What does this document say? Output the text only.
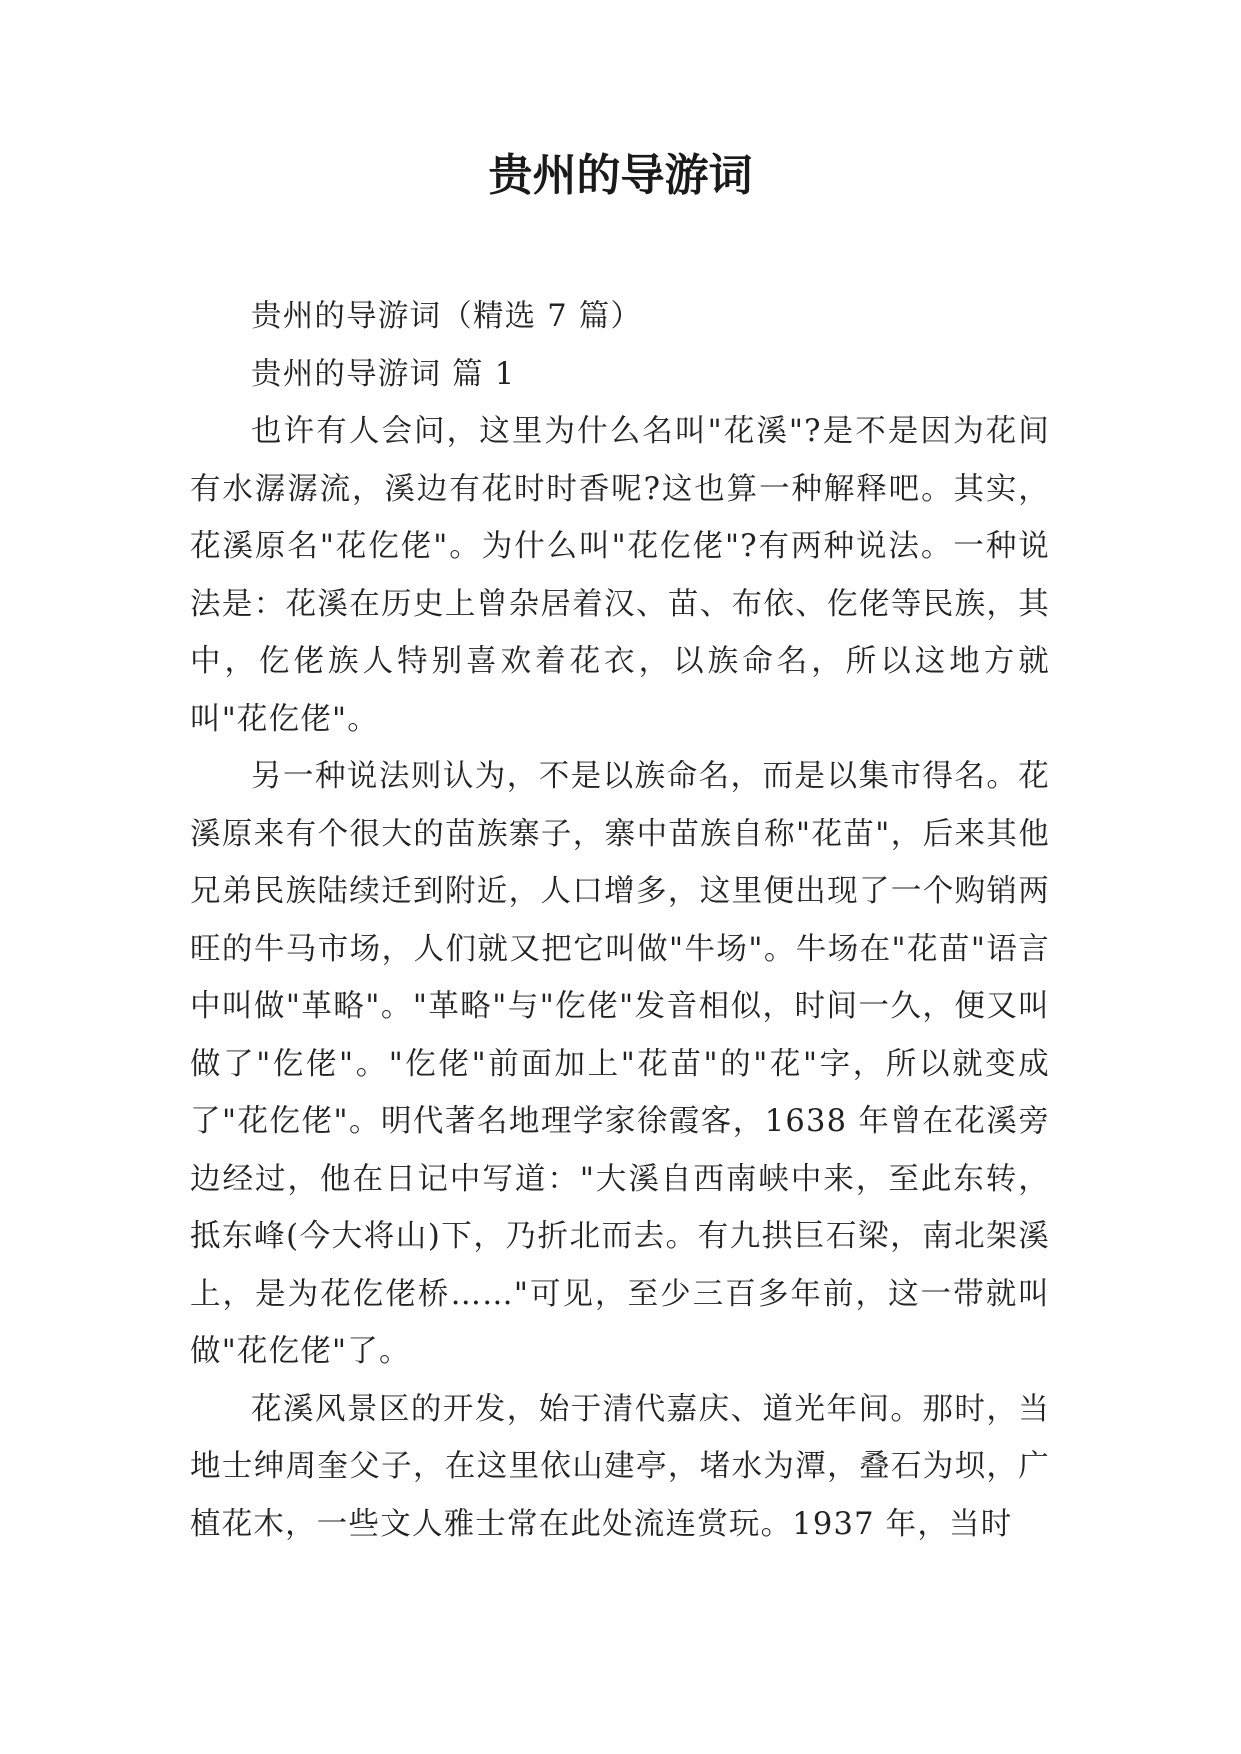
贵州的导游词

贵州的导游词（精选 7 篇）

贵州的导游词 篇 1

也许有人会问，这里为什么名叫"花溪"?是不是因为花间有水潺潺流，溪边有花时时香呢?这也算一种解释吧。其实，花溪原名"花仡佬"。为什么叫"花仡佬"?有两种说法。一种说法是：花溪在历史上曾杂居着汉、苗、布依、仡佬等民族，其中，仡佬族人特别喜欢着花衣，以族命名，所以这地方就叫"花仡佬"。

另一种说法则认为，不是以族命名，而是以集市得名。花溪原来有个很大的苗族寨子，寨中苗族自称"花苗"，后来其他兄弟民族陆续迁到附近，人口增多，这里便出现了一个购销两旺的牛马市场，人们就又把它叫做"牛场"。牛场在"花苗"语言中叫做"革略"。"革略"与"仡佬"发音相似，时间一久，便又叫做了"仡佬"。"仡佬"前面加上"花苗"的"花"字，所以就变成了"花仡佬"。明代著名地理学家徐霞客，1638 年曾在花溪旁边经过，他在日记中写道："大溪自西南峡中来，至此东转，抵东峰(今大将山)下，乃折北而去。有九拱巨石梁，南北架溪上，是为花仡佬桥……"可见，至少三百多年前，这一带就叫做"花仡佬"了。

花溪风景区的开发，始于清代嘉庆、道光年间。那时，当地士绅周奎父子，在这里依山建亭，堵水为潭，叠石为坝，广植花木，一些文人雅士常在此处流连赏玩。1937 年，当时
